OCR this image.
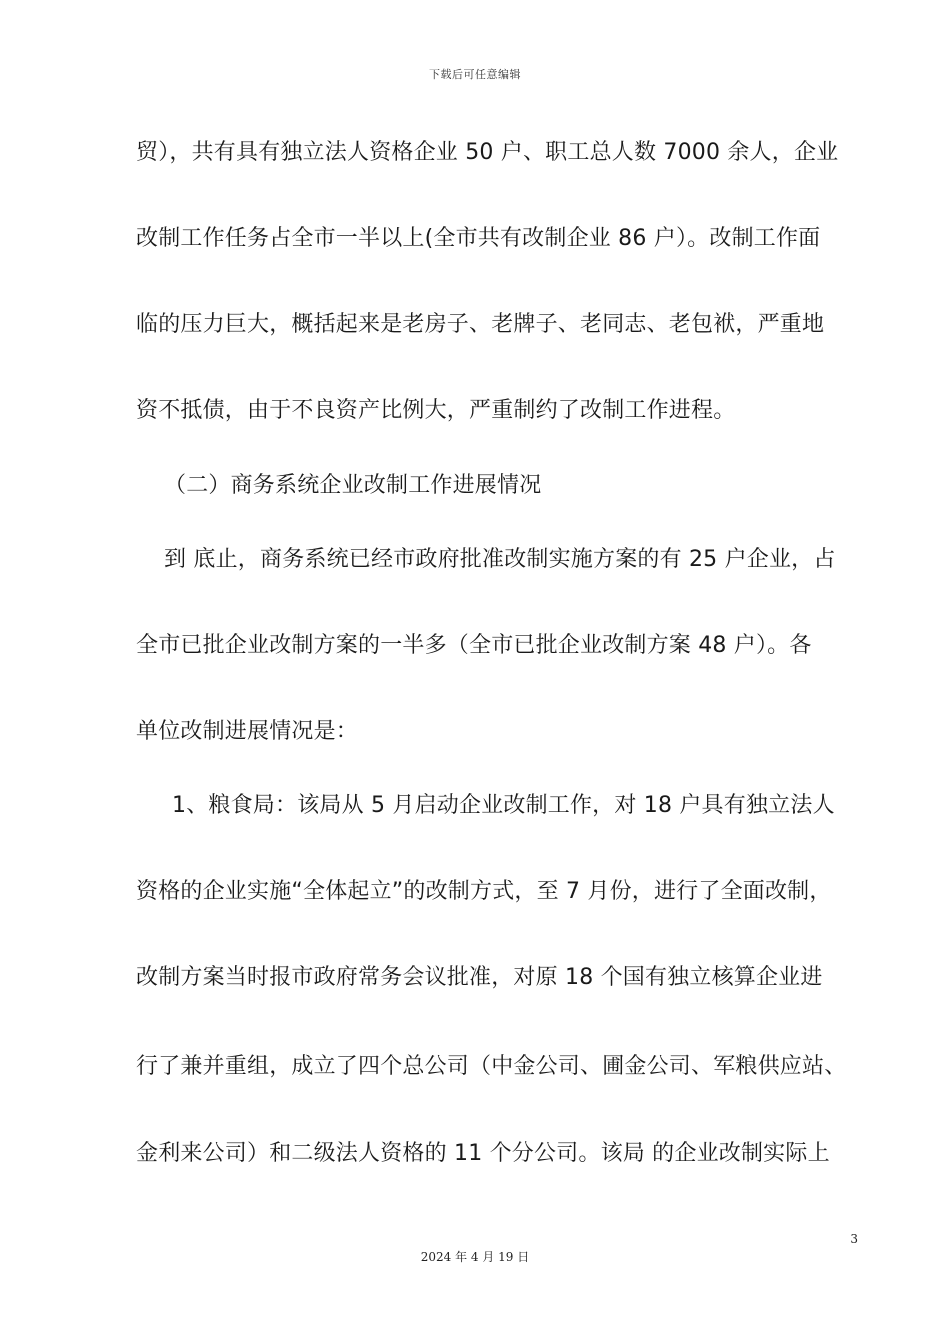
下载后可任意编辑
贸），共有具有独立法人资格企业 50 户、职工总人数 7000 余人，企业
改制工作任务占全市一半以上(全市共有改制企业 86 户）。改制工作面
临的压力巨大，概括起来是老房子、老牌子、老同志、老包袱，严重地
资不抵债，由于不良资产比例大，严重制约了改制工作进程。
（二）商务系统企业改制工作进展情况
到 底止，商务系统已经市政府批准改制实施方案的有 25 户企业，占
全市已批企业改制方案的一半多（全市已批企业改制方案 48 户）。各
单位改制进展情况是：
1、粮食局：该局从 5 月启动企业改制工作，对 18 户具有独立法人
资格的企业实施“全体起立”的改制方式，至 7 月份，进行了全面改制，
改制方案当时报市政府常务会议批准，对原 18 个国有独立核算企业进
行了兼并重组，成立了四个总公司（中金公司、圃金公司、军粮供应站、
金利来公司）和二级法人资格的 11 个分公司。该局 的企业改制实际上
3
2024 年 4 月 19 日
